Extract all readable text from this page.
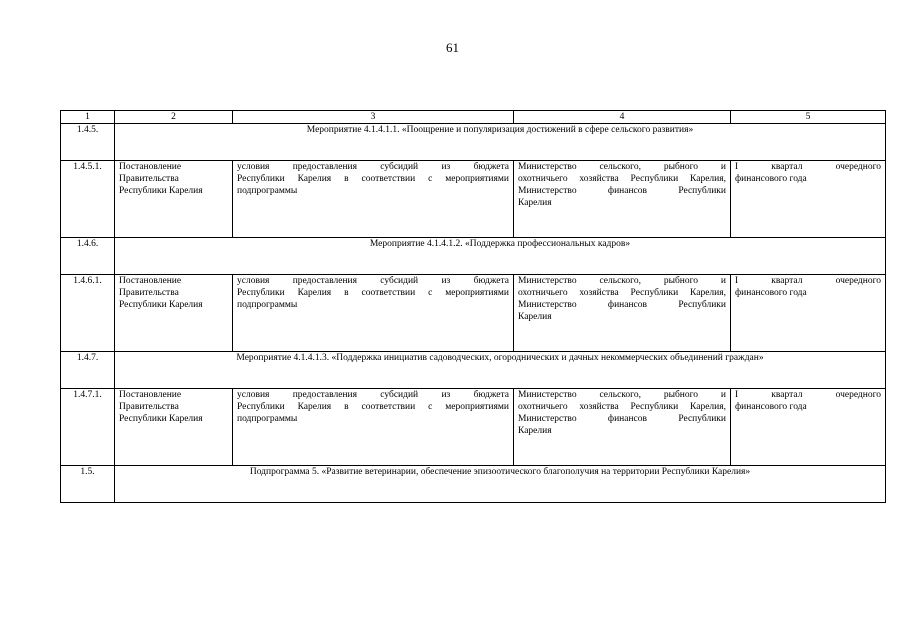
61
1	2	3	4	5
1.4.5.	Мероприятие 4.1.4.1.1. «Поощрение и популяризация достижений в сфере сельского развития»			
1.4.5.1.	Постановление
Правительства
Республики Карелия	условия предоставления субсидий из бюджета
Республики Карелия в соответствии с мероприятиями
подпрограммы	Министерство сельского, рыбного и
охотничьего хозяйства Республики Карелия,
Министерство финансов Республики
Карелия	I квартал очередного
финансового года

1.4.6.	Мероприятие 4.1.4.1.2. «Поддержка профессиональных кадров»			
1.4.6.1.	Постановление
Правительства
Республики Карелия	условия предоставления субсидий из бюджета
Республики Карелия в соответствии с мероприятиями
подпрограммы	Министерство сельского, рыбного и
охотничьего хозяйства Республики Карелия,
Министерство финансов Республики
Карелия	I квартал очередного
финансового года

1.4.7.	Мероприятие 4.1.4.1.3. «Поддержка инициатив садоводческих, огороднических и дачных некоммерческих объединений граждан»			
1.4.7.1.	Постановление
Правительства
Республики Карелия	условия предоставления субсидий из бюджета
Республики Карелия в соответствии с мероприятиями
подпрограммы	Министерство сельского, рыбного и
охотничьего хозяйства Республики Карелия,
Министерство финансов Республики
Карелия	I квартал очередного
финансового года

1.5.	Подпрограмма 5. «Развитие ветеринарии, обеспечение эпизоотического благополучия на территории Республики Карелия»			
